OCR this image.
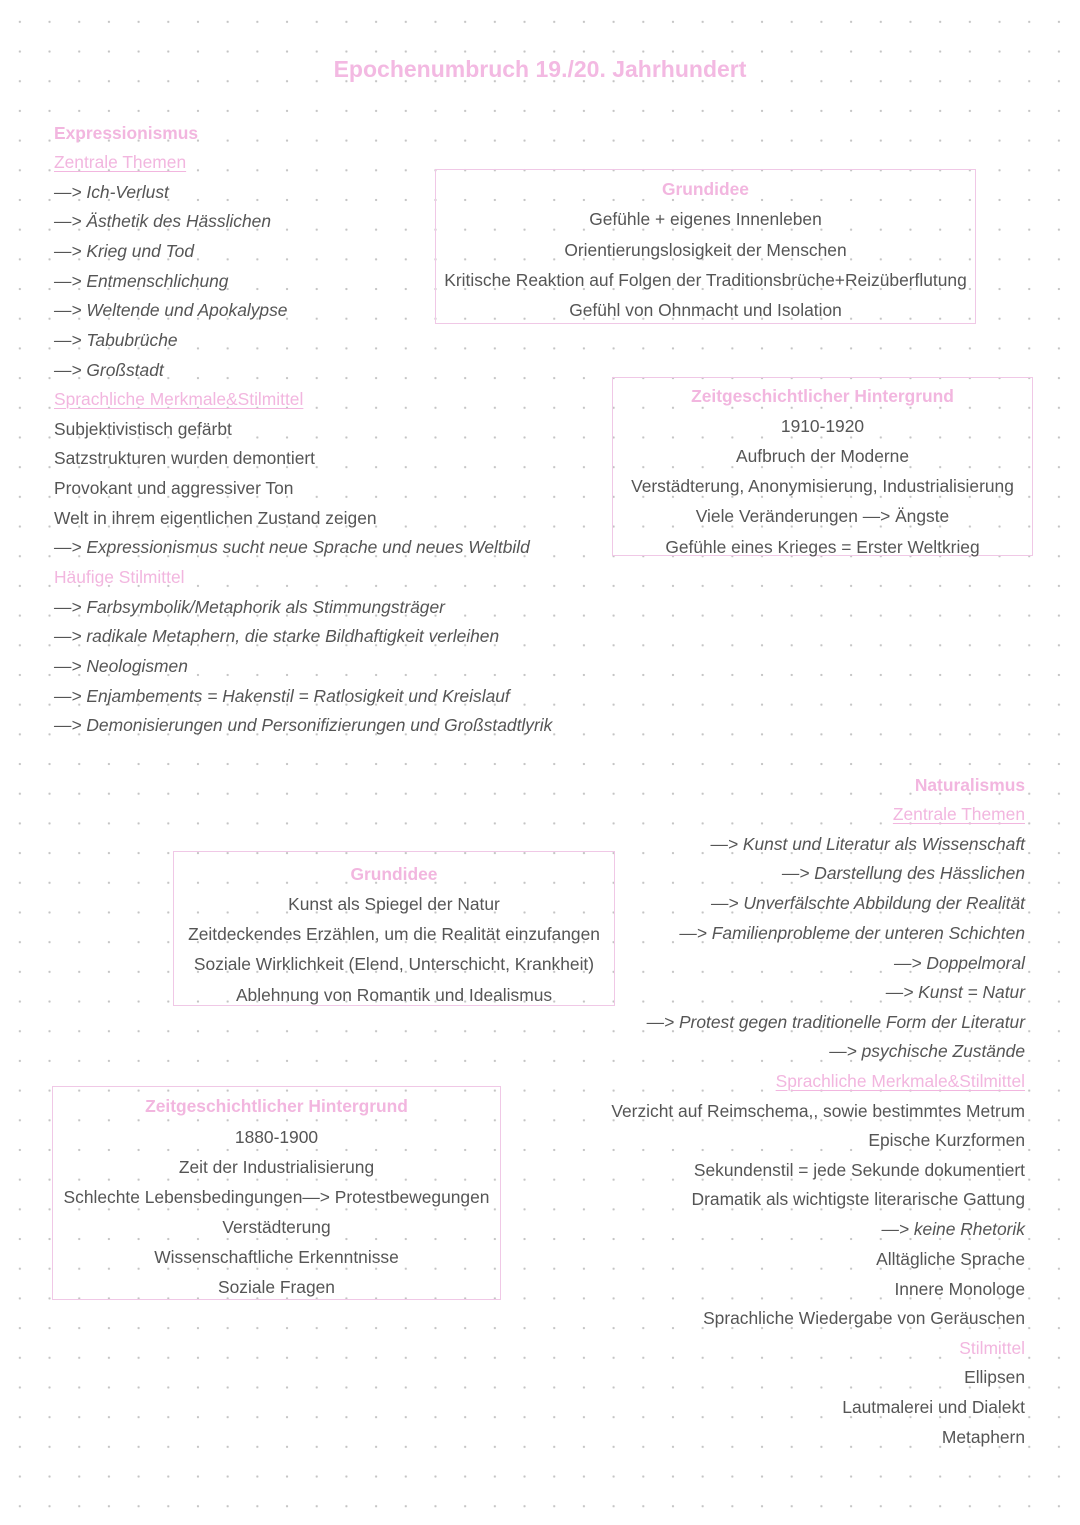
Epochenumbruch 19./20. Jahrhundert
Expressionismus
Zentrale Themen
—> Ich-Verlust
—> Ästhetik des Hässlichen
—> Krieg und Tod
—> Entmenschlichung
—> Weltende und Apokalypse
—> Tabubrüche
—> Großstadt
Sprachliche Merkmale&Stilmittel
Subjektivistisch gefärbt
Satzstrukturen wurden demontiert
Provokant und aggressiver Ton
Welt in ihrem eigentlichen Zustand zeigen
—> Expressionismus sucht neue Sprache und neues Weltbild
Häufige Stilmittel
—> Farbsymbolik/Metaphorik als Stimmungsträger
—> radikale Metaphern, die starke Bildhaftigkeit verleihen
—> Neologismen
—> Enjambements = Hakenstil = Ratlosigkeit und Kreislauf
—> Demonisierungen und Personifizierungen und Großstadtlyrik
Grundidee
Gefühle + eigenes Innenleben
Orientierungslosigkeit der Menschen
Kritische Reaktion auf Folgen der Traditionsbrüche+Reizüberflutung
Gefühl von Ohnmacht und Isolation
Zeitgeschichtlicher Hintergrund
1910-1920
Aufbruch der Moderne
Verstädterung, Anonymisierung, Industrialisierung
Viele Veränderungen —> Ängste
Gefühle eines Krieges = Erster Weltkrieg
Naturalismus
Zentrale Themen
—> Kunst und Literatur als Wissenschaft
—> Darstellung des Hässlichen
—> Unverfälschte Abbildung der Realität
—> Familienprobleme der unteren Schichten
—> Doppelmoral
—> Kunst = Natur
—> Protest gegen traditionelle Form der Literatur
—> psychische Zustände
Sprachliche Merkmale&Stilmittel
Verzicht auf Reimschema,, sowie bestimmtes Metrum
Epische Kurzformen
Sekundenstil = jede Sekunde dokumentiert
Dramatik als wichtigste literarische Gattung
—> keine Rhetorik
Alltägliche Sprache
Innere Monologe
Sprachliche Wiedergabe von Geräuschen
Stilmittel
Ellipsen
Lautmalerei und Dialekt
Metaphern
Grundidee
Kunst als Spiegel der Natur
Zeitdeckendes Erzählen, um die Realität einzufangen
Soziale Wirklichkeit (Elend, Unterschicht, Krankheit)
Ablehnung von Romantik und Idealismus
Zeitgeschichtlicher Hintergrund
1880-1900
Zeit der Industrialisierung
Schlechte Lebensbedingungen—> Protestbewegungen
Verstädterung
Wissenschaftliche Erkenntnisse
Soziale Fragen
